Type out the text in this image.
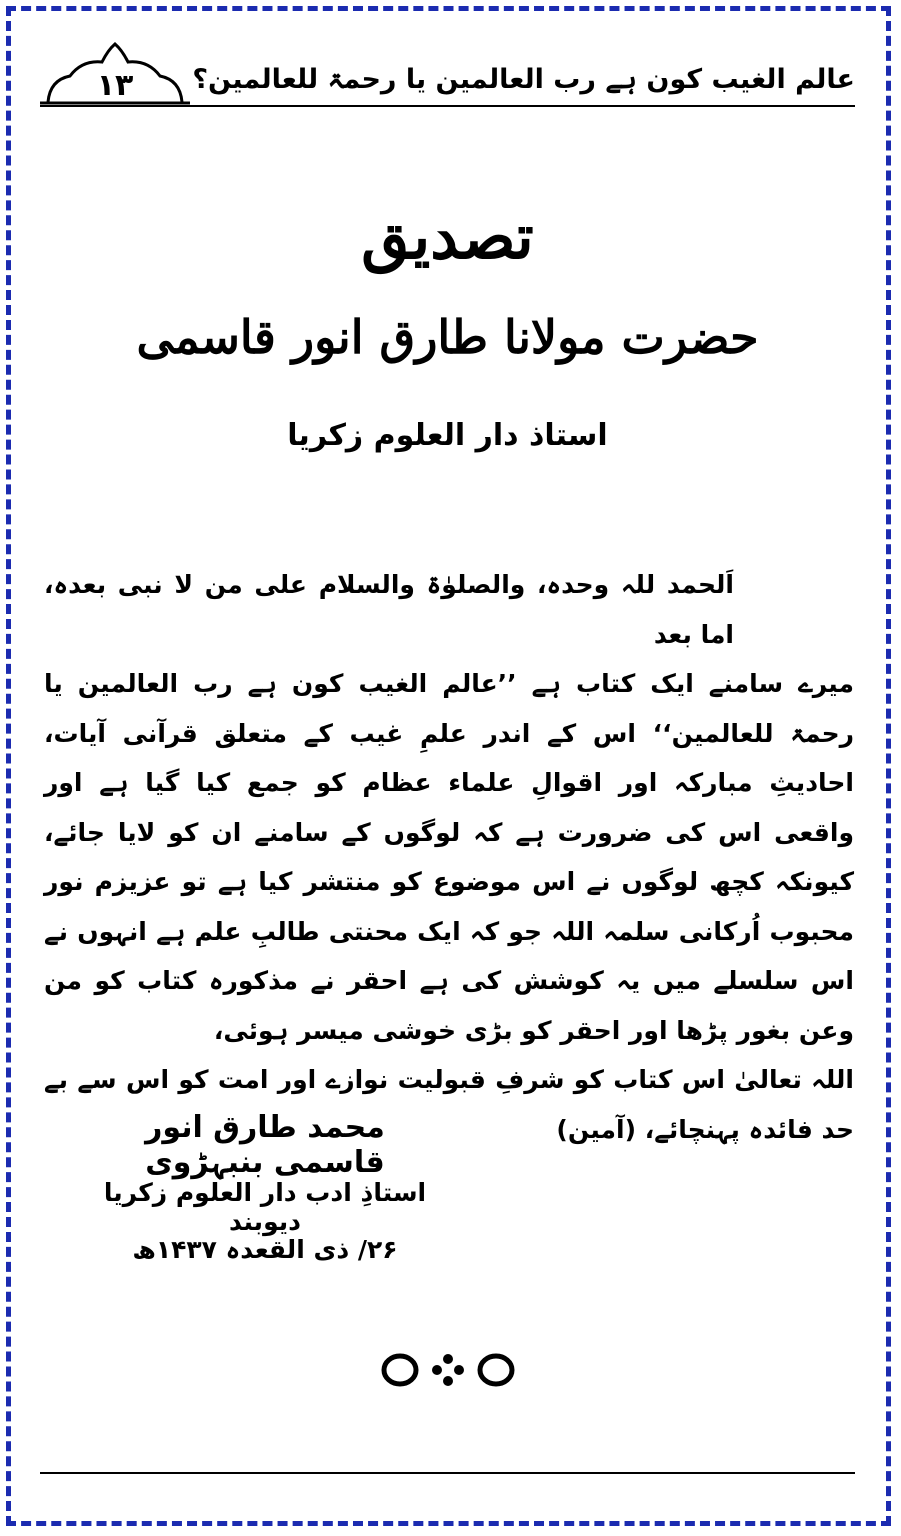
۱۳	عالم الغیب کون ہے رب العالمین یا رحمۃ للعالمین؟
تصدیق
حضرت مولانا طارق انور قاسمی
استاذ دار العلوم زکریا

اَلحمد للہ وحدہ، والصلوٰۃ والسلام علی من لا نبی بعدہ، اما بعد

میرے سامنے ایک کتاب ہے ’’عالم الغیب کون ہے رب العالمین یا رحمۃ للعالمین‘‘ اس کے اندر علمِ غیب کے متعلق قرآنی آیات، احادیثِ مبارکہ اور اقوالِ علماء عظام کو جمع کیا گیا ہے اور واقعی اس کی ضرورت ہے کہ لوگوں کے سامنے ان کو لایا جائے، کیونکہ کچھ لوگوں نے اس موضوع کو منتشر کیا ہے تو عزیزم نور محبوب اُرکانی سلمہ اللہ جو کہ ایک محنتی طالبِ علم ہے انہوں نے اس سلسلے میں یہ کوشش کی ہے احقر نے مذکورہ کتاب کو من وعن بغور پڑھا اور احقر کو بڑی خوشی میسر ہوئی،

اللہ تعالیٰ اس کتاب کو شرفِ قبولیت نوازے اور امت کو اس سے بے حد فائدہ پہنچائے، (آمین)

محمد طارق انور قاسمی بنبہڑوی
استاذِ ادب دار العلوم زکریا دیوبند
۲۶/ ذی القعدہ ۱۴۳۷ھ
